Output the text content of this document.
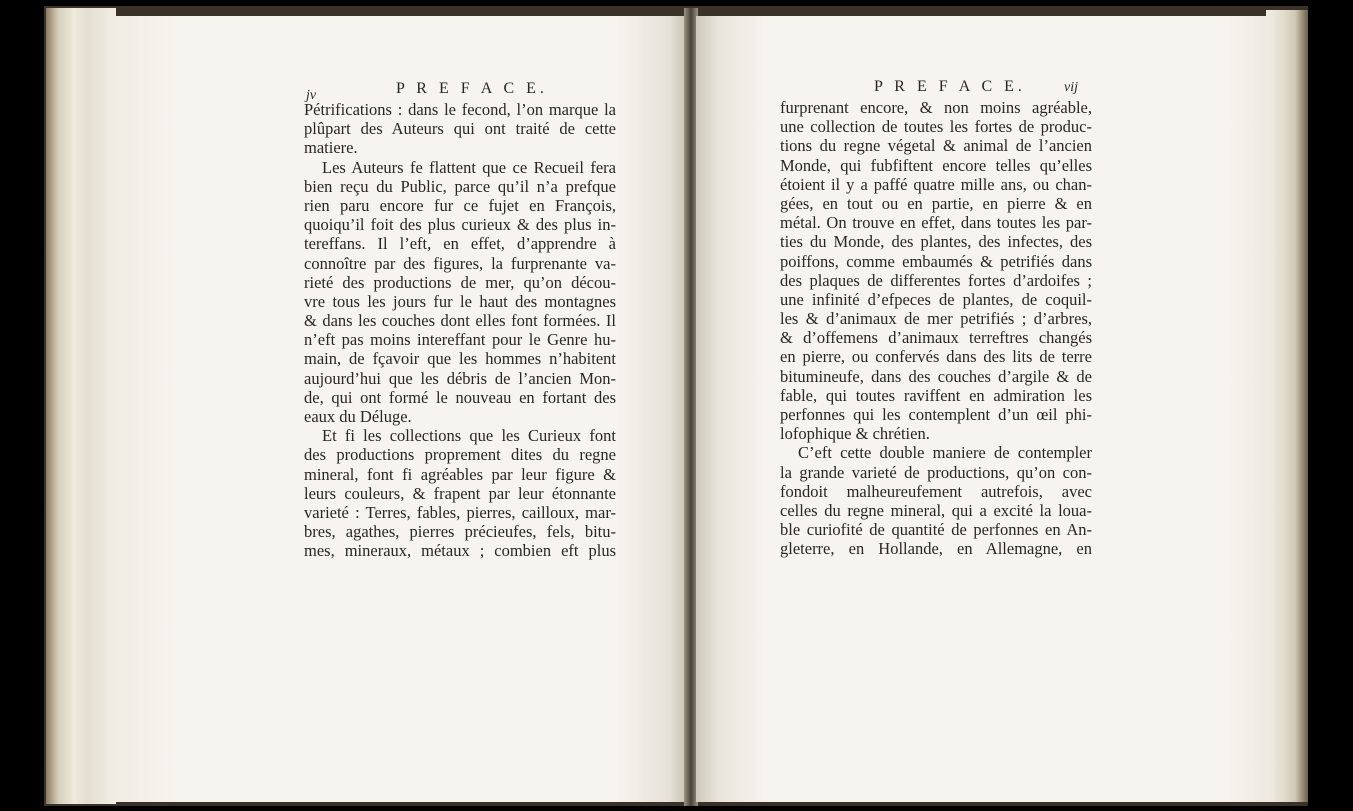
jv	P R E F A C E.
Pétrifications : dans le fecond, l’on marque la
plûpart des Auteurs qui ont traité de cette
matiere.
Les Auteurs fe flattent que ce Recueil fera
bien reçu du Public, parce qu’il n’a prefque
rien paru encore fur ce fujet en François,
quoiqu’il foit des plus curieux & des plus in-
tereffans. Il l’eft, en effet, d’apprendre à
connoître par des figures, la furprenante va-
rieté des productions de mer, qu’on décou-
vre tous les jours fur le haut des montagnes
& dans les couches dont elles font formées. Il
n’eft pas moins intereffant pour le Genre hu-
main, de fçavoir que les hommes n’habitent
aujourd’hui que les débris de l’ancien Mon-
de, qui ont formé le nouveau en fortant des
eaux du Déluge.
Et fi les collections que les Curieux font
des productions proprement dites du regne
mineral, font fi agréables par leur figure &
leurs couleurs, & frapent par leur étonnante
varieté : Terres, fables, pierres, cailloux, mar-
bres, agathes, pierres précieufes, fels, bitu-
mes, mineraux, métaux ; combien eft plus
P R E F A C E.	vij
furprenant encore, & non moins agréable,
une collection de toutes les fortes de produc-
tions du regne végetal & animal de l’ancien
Monde, qui fubfiftent encore telles qu’elles
étoient il y a paffé quatre mille ans, ou chan-
gées, en tout ou en partie, en pierre & en
métal. On trouve en effet, dans toutes les par-
ties du Monde, des plantes, des infectes, des
poiffons, comme embaumés & petrifiés dans
des plaques de differentes fortes d’ardoifes ;
une infinité d’efpeces de plantes, de coquil-
les & d’animaux de mer petrifiés ; d’arbres,
& d’offemens d’animaux terreftres changés
en pierre, ou confervés dans des lits de terre
bitumineufe, dans des couches d’argile & de
fable, qui toutes raviffent en admiration les
perfonnes qui les contemplent d’un œil phi-
lofophique & chrétien.
C’eft cette double maniere de contempler
la grande varieté de productions, qu’on con-
fondoit malheureufement autrefois, avec
celles du regne mineral, qui a excité la loua-
ble curiofité de quantité de perfonnes en An-
gleterre, en Hollande, en Allemagne, en
